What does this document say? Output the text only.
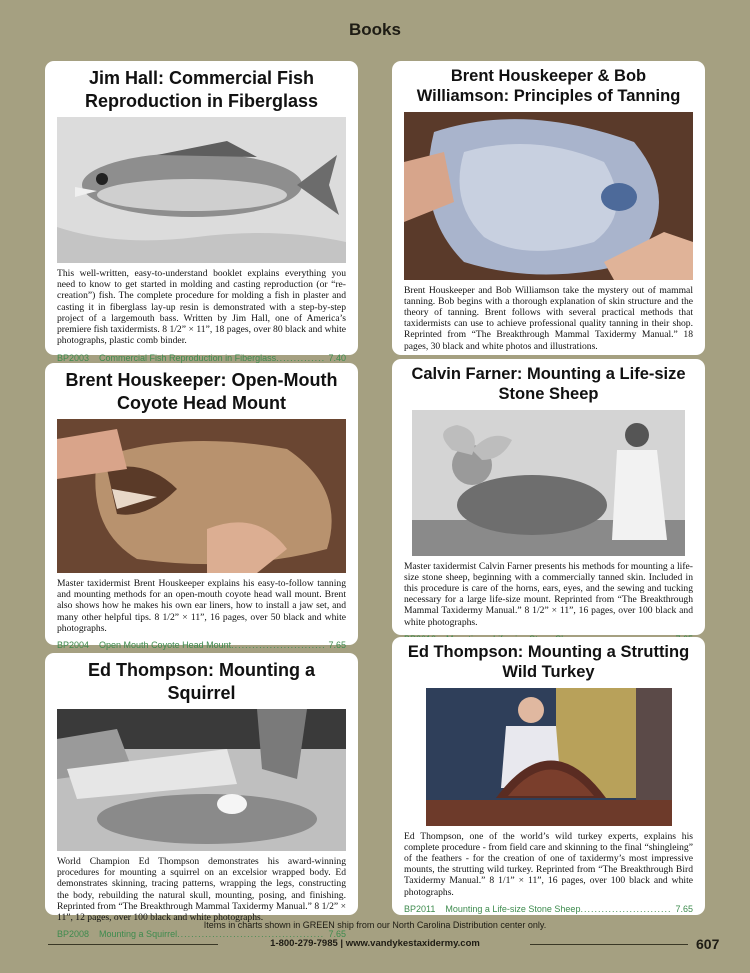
Books
Jim Hall: Commercial Fish Reproduction in Fiberglass

This well-written, easy-to-understand booklet explains everything you need to know to get started in molding and casting reproduction (or “re-creation”) fish. The complete procedure for molding a fish in plaster and casting it in fiberglass lay-up resin is demonstrated with a step-by-step project of a largemouth bass. Written by Jim Hall, one of America’s premiere fish taxidermists. 8 1/2” × 11”, 18 pages, over 80 black and white photographs, plastic comb binder.

BP2003 Commercial Fish Reproduction in Fiberglass .....	7.40
Brent Houskeeper & Bob Williamson: Principles of Tanning

Brent Houskeeper and Bob Williamson take the mystery out of mammal tanning. Bob begins with a thorough explanation of skin structure and the theory of tanning. Brent follows with several practical methods that taxidermists can use to achieve professional quality tanning in their shop. Reprinted from “The Breakthrough Mammal Taxidermy Manual.” 18 pages, 30 black and white photos and illustrations.

.....
Brent Houskeeper: Open-Mouth Coyote Head Mount

Master taxidermist Brent Houskeeper explains his easy-to-follow tanning and mounting methods for an open-mouth coyote head wall mount. Brent also shows how he makes his own ear liners, how to install a jaw set, and many other helpful tips. 8 1/2” × 11”, 16 pages, over 50 black and white photographs.

BP2004 Open Mouth Coyote Head Mount .....	7.65
Calvin Farner: Mounting a Life-size Stone Sheep

Master taxidermist Calvin Farner presents his methods for mounting a life-size stone sheep, beginning with a commercially tanned skin. Included in this procedure is care of the horns, ears, eyes, and the sewing and tucking necessary for a large life-size mount. Reprinted from “The Breakthrough Mammal Taxidermy Manual.” 8 1/2” × 11”, 16 pages, over 100 black and white photographs.

.....
Ed Thompson: Mounting a Squirrel

World Champion Ed Thompson demonstrates his award-winning procedures for mounting a squirrel on an excelsior wrapped body. Ed demonstrates skinning, tracing patterns, wrapping the legs, constructing the body, rebuilding the natural skull, mounting, posing, and finishing. Reprinted from “The Breakthrough Mammal Taxidermy Manual.” 8 1/2” × 11”, 12 pages, over 100 black and white photographs.

BP2008 Mounting a Squirrel .....	7.65
Ed Thompson: Mounting a Strutting Wild Turkey

Ed Thompson, one of the world’s wild turkey experts, explains his complete procedure - from field care and skinning to the final “shingleing” of the feathers - for the creation of one of taxidermy’s most impressive mounts, the strutting wild turkey. Reprinted from “The Breakthrough Bird Taxidermy Manual.” 8 1/1” × 11”, 16 pages, over 100 black and white photographs.

BP2011 Mounting a Life-size Stone Sheep .....	7.65
Items in charts shown in GREEN ship from our North Carolina Distribution center only.
1-800-279-7985 | www.vandykestaxidermy.com	607
